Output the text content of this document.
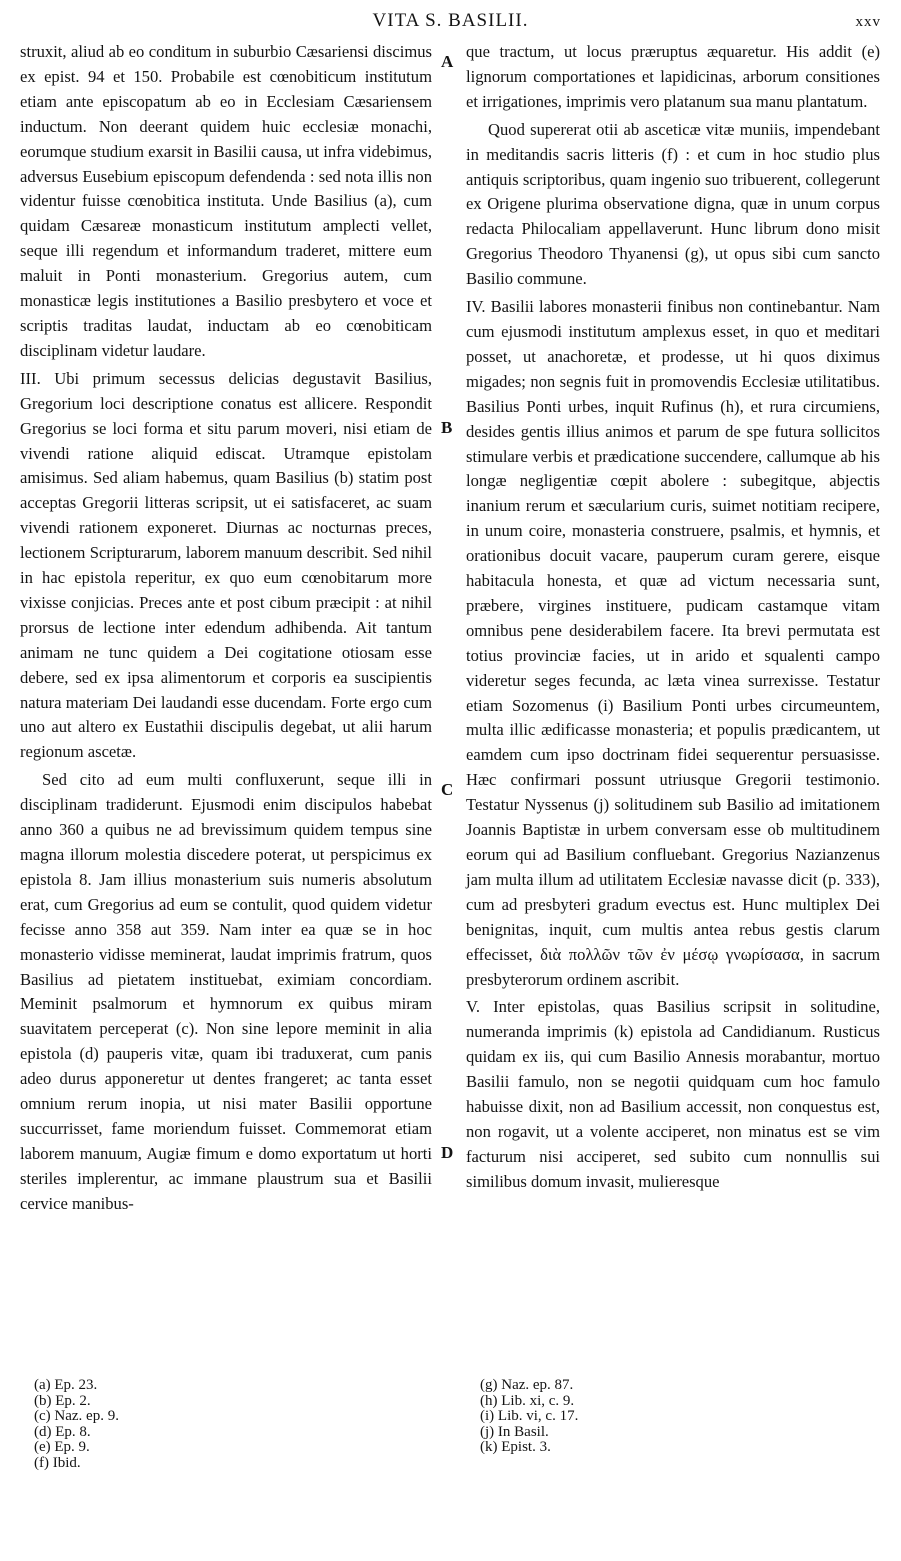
VITA S. BASILII.	xxv

struxit, aliud ab eo conditum in suburbio Cæsariensi discimus ex epist. 94 et 150. Probabile est cœnobiticum institutum etiam ante episcopatum ab eo in Ecclesiam Cæsariensem inductum. Non deerant quidem huic ecclesiæ monachi, eorumque studium exarsit in Basilii causa, ut infra videbimus, adversus Eusebium episcopum defendenda : sed nota illis non videntur fuisse cœnobitica instituta. Unde Basilius (a), cum quidam Cæsareæ monasticum institutum amplecti vellet, seque illi regendum et informandum traderet, mittere eum maluit in Ponti monasterium. Gregorius autem, cum monasticæ legis institutiones a Basilio presbytero et voce et scriptis traditas laudat, inductam ab eo cœnobiticam disciplinam videtur laudare.

III. Ubi primum secessus delicias degustavit Basilius, Gregorium loci descriptione conatus est allicere. Respondit Gregorius se loci forma et situ parum moveri, nisi etiam de vivendi ratione aliquid ediscat. Utramque epistolam amisimus. Sed aliam habemus, quam Basilius (b) statim post acceptas Gregorii litteras scripsit, ut ei satisfaceret, ac suam vivendi rationem exponeret. Diurnas ac nocturnas preces, lectionem Scripturarum, laborem manuum describit. Sed nihil in hac epistola reperitur, ex quo eum cœnobitarum more vixisse conjicias. Preces ante et post cibum præcipit : at nihil prorsus de lectione inter edendum adhibenda. Ait tantum animam ne tunc quidem a Dei cogitatione otiosam esse debere, sed ex ipsa alimentorum et corporis ea suscipientis natura materiam Dei laudandi esse ducendam. Forte ergo cum uno aut altero ex Eustathii discipulis degebat, ut alii harum regionum ascetæ.

Sed cito ad eum multi confluxerunt, seque illi in disciplinam tradiderunt. Ejusmodi enim discipulos habebat anno 360 a quibus ne ad brevissimum quidem tempus sine magna illorum molestia discedere poterat, ut perspicimus ex epistola 8. Jam illius monasterium suis numeris absolutum erat, cum Gregorius ad eum se contulit, quod quidem videtur fecisse anno 358 aut 359. Nam inter ea quæ se in hoc monasterio vidisse meminerat, laudat imprimis fratrum, quos Basilius ad pietatem instituebat, eximiam concordiam. Meminit psalmorum et hymnorum ex quibus miram suavitatem perceperat (c). Non sine lepore meminit in alia epistola (d) pauperis vitæ, quam ibi traduxerat, cum panis adeo durus apponeretur ut dentes frangeret; ac tanta esset omnium rerum inopia, ut nisi mater Basilii opportune succurrisset, fame moriendum fuisset. Commemorat etiam laborem manuum, Augiæ fimum e domo exportatum ut horti steriles implerentur, ac immane plaustrum sua et Basilii cervice manibus-

A
B
C
D

que tractum, ut locus præruptus æquaretur. His addit (e) lignorum comportationes et lapidicinas, arborum consitiones et irrigationes, imprimis vero platanum sua manu plantatum.

Quod supererat otii ab asceticæ vitæ muniis, impendebant in meditandis sacris litteris (f) : et cum in hoc studio plus antiquis scriptoribus, quam ingenio suo tribuerent, collegerunt ex Origene plurima observatione digna, quæ in unum corpus redacta Philocaliam appellaverunt. Hunc librum dono misit Gregorius Theodoro Thyanensi (g), ut opus sibi cum sancto Basilio commune.

IV. Basilii labores monasterii finibus non continebantur. Nam cum ejusmodi institutum amplexus esset, in quo et meditari posset, ut anachoretæ, et prodesse, ut hi quos diximus migades; non segnis fuit in promovendis Ecclesiæ utilitatibus. Basilius Ponti urbes, inquit Rufinus (h), et rura circumiens, desides gentis illius animos et parum de spe futura sollicitos stimulare verbis et prædicatione succendere, callumque ab his longæ negligentiæ cœpit abolere : subegitque, abjectis inanium rerum et sæcularium curis, suimet notitiam recipere, in unum coire, monasteria construere, psalmis, et hymnis, et orationibus docuit vacare, pauperum curam gerere, eisque habitacula honesta, et quæ ad victum necessaria sunt, præbere, virgines instituere, pudicam castamque vitam omnibus pene desiderabilem facere. Ita brevi permutata est totius provinciæ facies, ut in arido et squalenti campo videretur seges fecunda, ac læta vinea surrexisse. Testatur etiam Sozomenus (i) Basilium Ponti urbes circumeuntem, multa illic ædificasse monasteria; et populis prædicantem, ut eamdem cum ipso doctrinam fidei sequerentur persuasisse. Hæc confirmari possunt utriusque Gregorii testimonio. Testatur Nyssenus (j) solitudinem sub Basilio ad imitationem Joannis Baptistæ in urbem conversam esse ob multitudinem eorum qui ad Basilium confluebant. Gregorius Nazianzenus jam multa illum ad utilitatem Ecclesiæ navasse dicit (p. 333), cum ad presbyteri gradum evectus est. Hunc multiplex Dei benignitas, inquit, cum multis antea rebus gestis clarum effecisset, διὰ πολλῶν τῶν ἐν μέσῳ γνωρίσασα, in sacrum presbyterorum ordinem ascribit.

V. Inter epistolas, quas Basilius scripsit in solitudine, numeranda imprimis (k) epistola ad Candidianum. Rusticus quidam ex iis, qui cum Basilio Annesis morabantur, mortuo Basilii famulo, non se negotii quidquam cum hoc famulo habuisse dixit, non ad Basilium accessit, non conquestus est, non rogavit, ut a volente acciperet, non minatus est se vim facturum nisi acciperet, sed subito cum nonnullis sui similibus domum invasit, mulieresque

(a) Ep. 23.
(b) Ep. 2.
(c) Naz. ep. 9.
(d) Ep. 8.
(e) Ep. 9.
(f) Ibid.
(g) Naz. ep. 87.
(h) Lib. xi, c. 9.
(i) Lib. vi, c. 17.
(j) In Basil.
(k) Epist. 3.
